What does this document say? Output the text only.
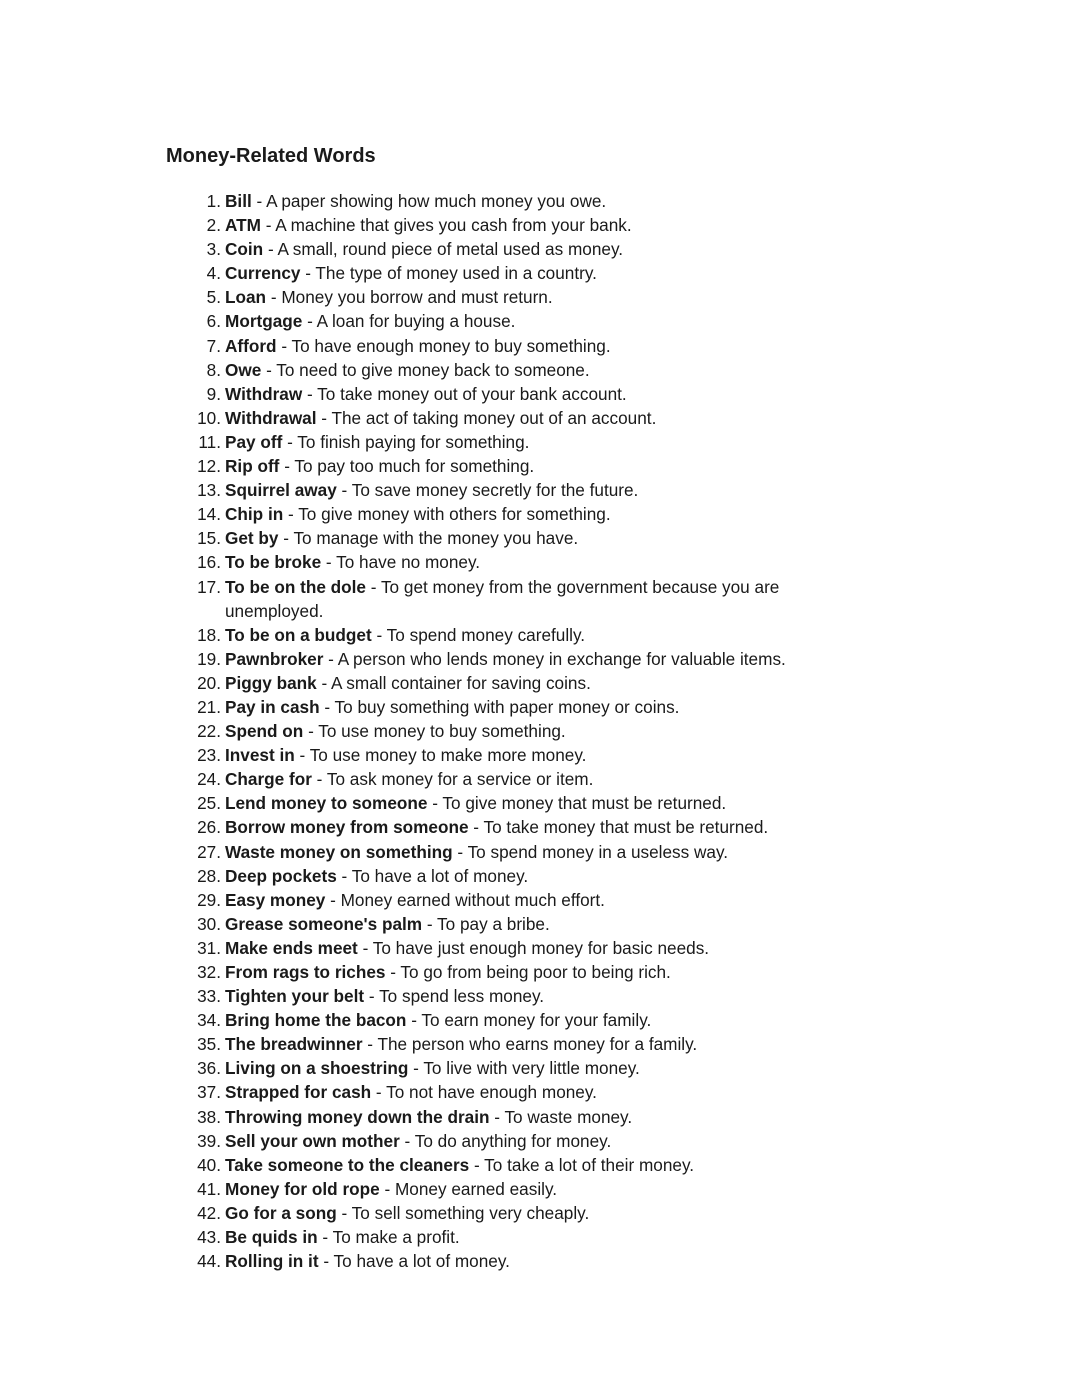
Money-Related Words
1. Bill - A paper showing how much money you owe.
2. ATM - A machine that gives you cash from your bank.
3. Coin - A small, round piece of metal used as money.
4. Currency - The type of money used in a country.
5. Loan - Money you borrow and must return.
6. Mortgage - A loan for buying a house.
7. Afford - To have enough money to buy something.
8. Owe - To need to give money back to someone.
9. Withdraw - To take money out of your bank account.
10. Withdrawal - The act of taking money out of an account.
11. Pay off - To finish paying for something.
12. Rip off - To pay too much for something.
13. Squirrel away - To save money secretly for the future.
14. Chip in - To give money with others for something.
15. Get by - To manage with the money you have.
16. To be broke - To have no money.
17. To be on the dole - To get money from the government because you are unemployed.
18. To be on a budget - To spend money carefully.
19. Pawnbroker - A person who lends money in exchange for valuable items.
20. Piggy bank - A small container for saving coins.
21. Pay in cash - To buy something with paper money or coins.
22. Spend on - To use money to buy something.
23. Invest in - To use money to make more money.
24. Charge for - To ask money for a service or item.
25. Lend money to someone - To give money that must be returned.
26. Borrow money from someone - To take money that must be returned.
27. Waste money on something - To spend money in a useless way.
28. Deep pockets - To have a lot of money.
29. Easy money - Money earned without much effort.
30. Grease someone's palm - To pay a bribe.
31. Make ends meet - To have just enough money for basic needs.
32. From rags to riches - To go from being poor to being rich.
33. Tighten your belt - To spend less money.
34. Bring home the bacon - To earn money for your family.
35. The breadwinner - The person who earns money for a family.
36. Living on a shoestring - To live with very little money.
37. Strapped for cash - To not have enough money.
38. Throwing money down the drain - To waste money.
39. Sell your own mother - To do anything for money.
40. Take someone to the cleaners - To take a lot of their money.
41. Money for old rope - Money earned easily.
42. Go for a song - To sell something very cheaply.
43. Be quids in - To make a profit.
44. Rolling in it - To have a lot of money.
